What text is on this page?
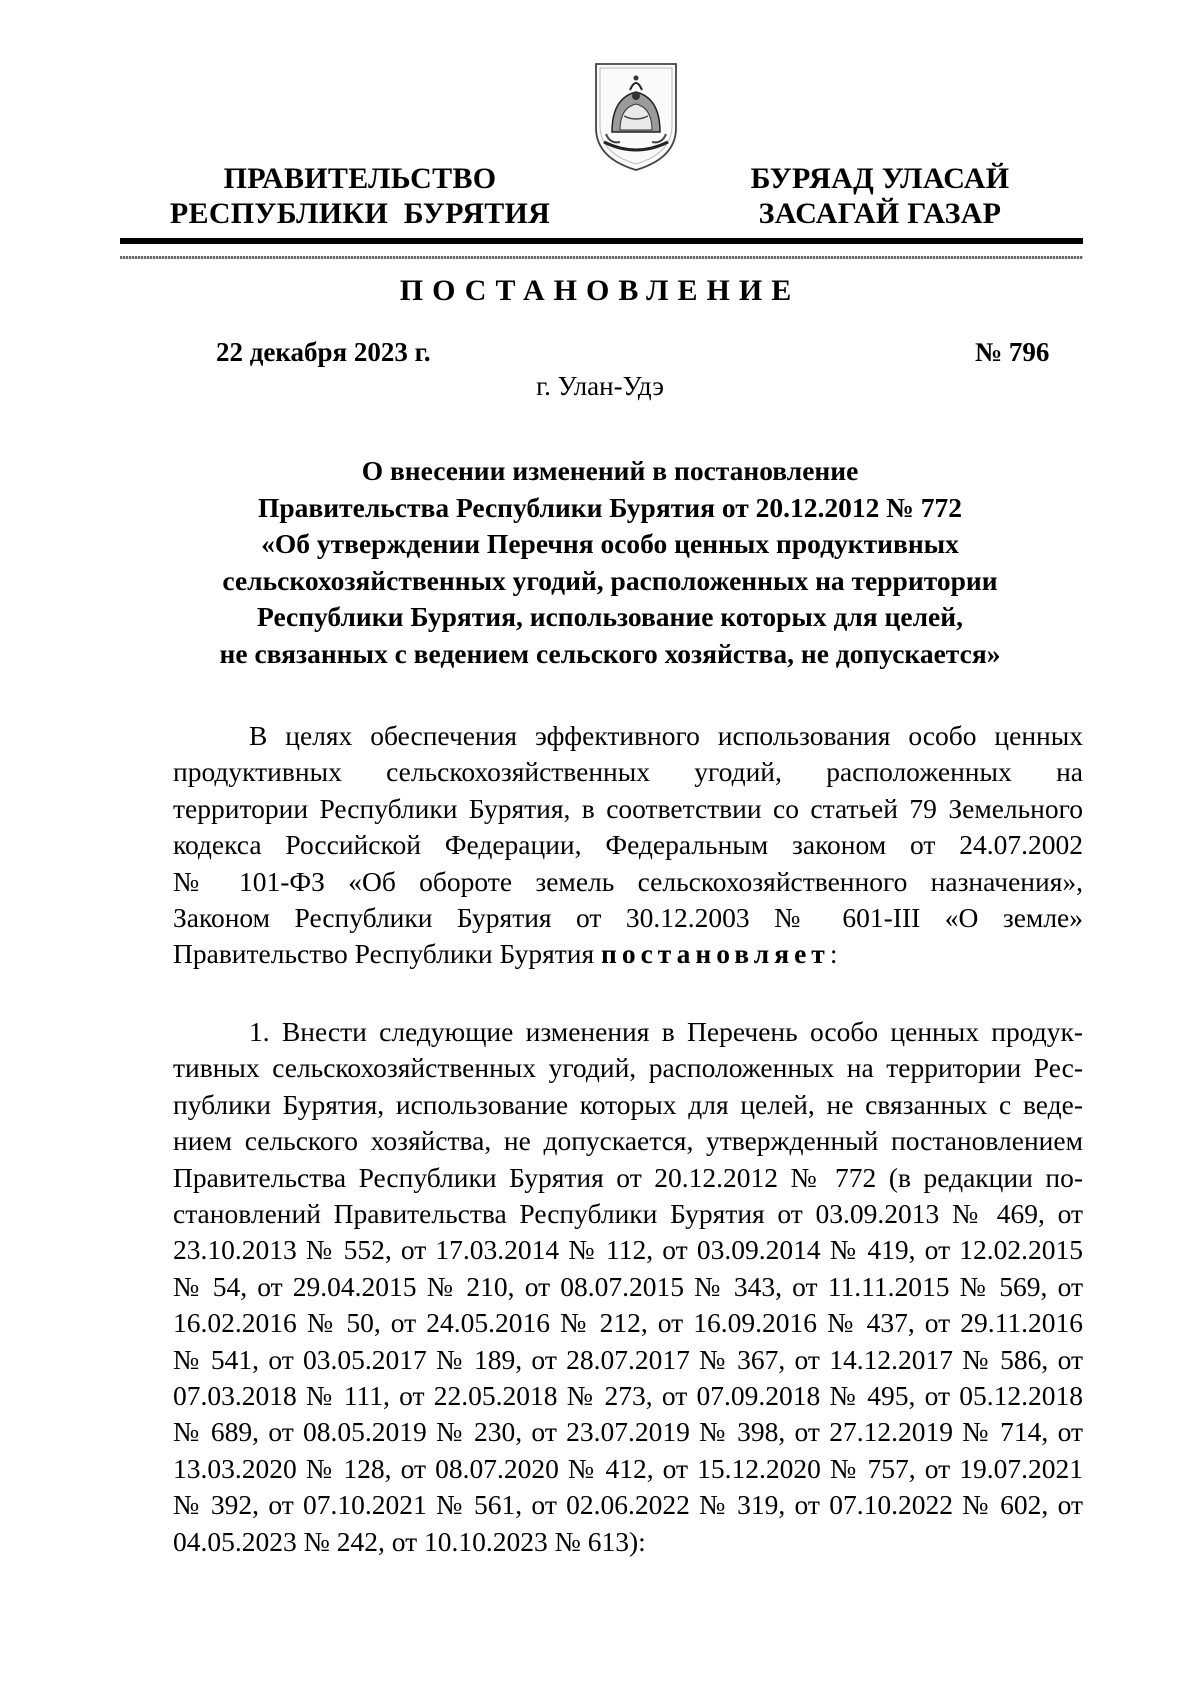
ПРАВИТЕЛЬСТВО
РЕСПУБЛИКИ  БУРЯТИЯ
БУРЯАД УЛАСАЙ
ЗАСАГАЙ ГАЗАР
ПОСТАНОВЛЕНИЕ
22 декабря 2023 г.	№ 796
г. Улан-Удэ
О внесении изменений в постановление
Правительства Республики Бурятия от 20.12.2012 № 772
«Об утверждении Перечня особо ценных продуктивных
сельскохозяйственных угодий, расположенных на территории
Республики Бурятия, использование которых для целей,
не связанных с ведением сельского хозяйства, не допускается»
В целях обеспечения эффективного использования особо ценных
продуктивных сельскохозяйственных угодий, расположенных на
территории Республики Бурятия, в соответствии со статьей 79 Земельного
кодекса Российской Федерации, Федеральным законом от 24.07.2002
№ 101-ФЗ «Об обороте земель сельскохозяйственного назначения»,
Законом Республики Бурятия от 30.12.2003 № 601-III «О земле»
Правительство Республики Бурятия постановляет:
1. Внести следующие изменения в Перечень особо ценных продук-
тивных сельскохозяйственных угодий, расположенных на территории Рес-
публики Бурятия, использование которых для целей, не связанных с веде-
нием сельского хозяйства, не допускается, утвержденный постановлением
Правительства Республики Бурятия от 20.12.2012 № 772 (в редакции по-
становлений Правительства Республики Бурятия от 03.09.2013 № 469, от
23.10.2013 № 552, от 17.03.2014 № 112, от 03.09.2014 № 419, от 12.02.2015
№ 54, от 29.04.2015 № 210, от 08.07.2015 № 343, от 11.11.2015 № 569, от
16.02.2016 № 50, от 24.05.2016 № 212, от 16.09.2016 № 437, от 29.11.2016
№ 541, от 03.05.2017 № 189, от 28.07.2017 № 367, от 14.12.2017 № 586, от
07.03.2018 № 111, от 22.05.2018 № 273, от 07.09.2018 № 495, от 05.12.2018
№ 689, от 08.05.2019 № 230, от 23.07.2019 № 398, от 27.12.2019 № 714, от
13.03.2020 № 128, от 08.07.2020 № 412, от 15.12.2020 № 757, от 19.07.2021
№ 392, от 07.10.2021 № 561, от 02.06.2022 № 319, от 07.10.2022 № 602, от
04.05.2023 № 242, от 10.10.2023 № 613):
